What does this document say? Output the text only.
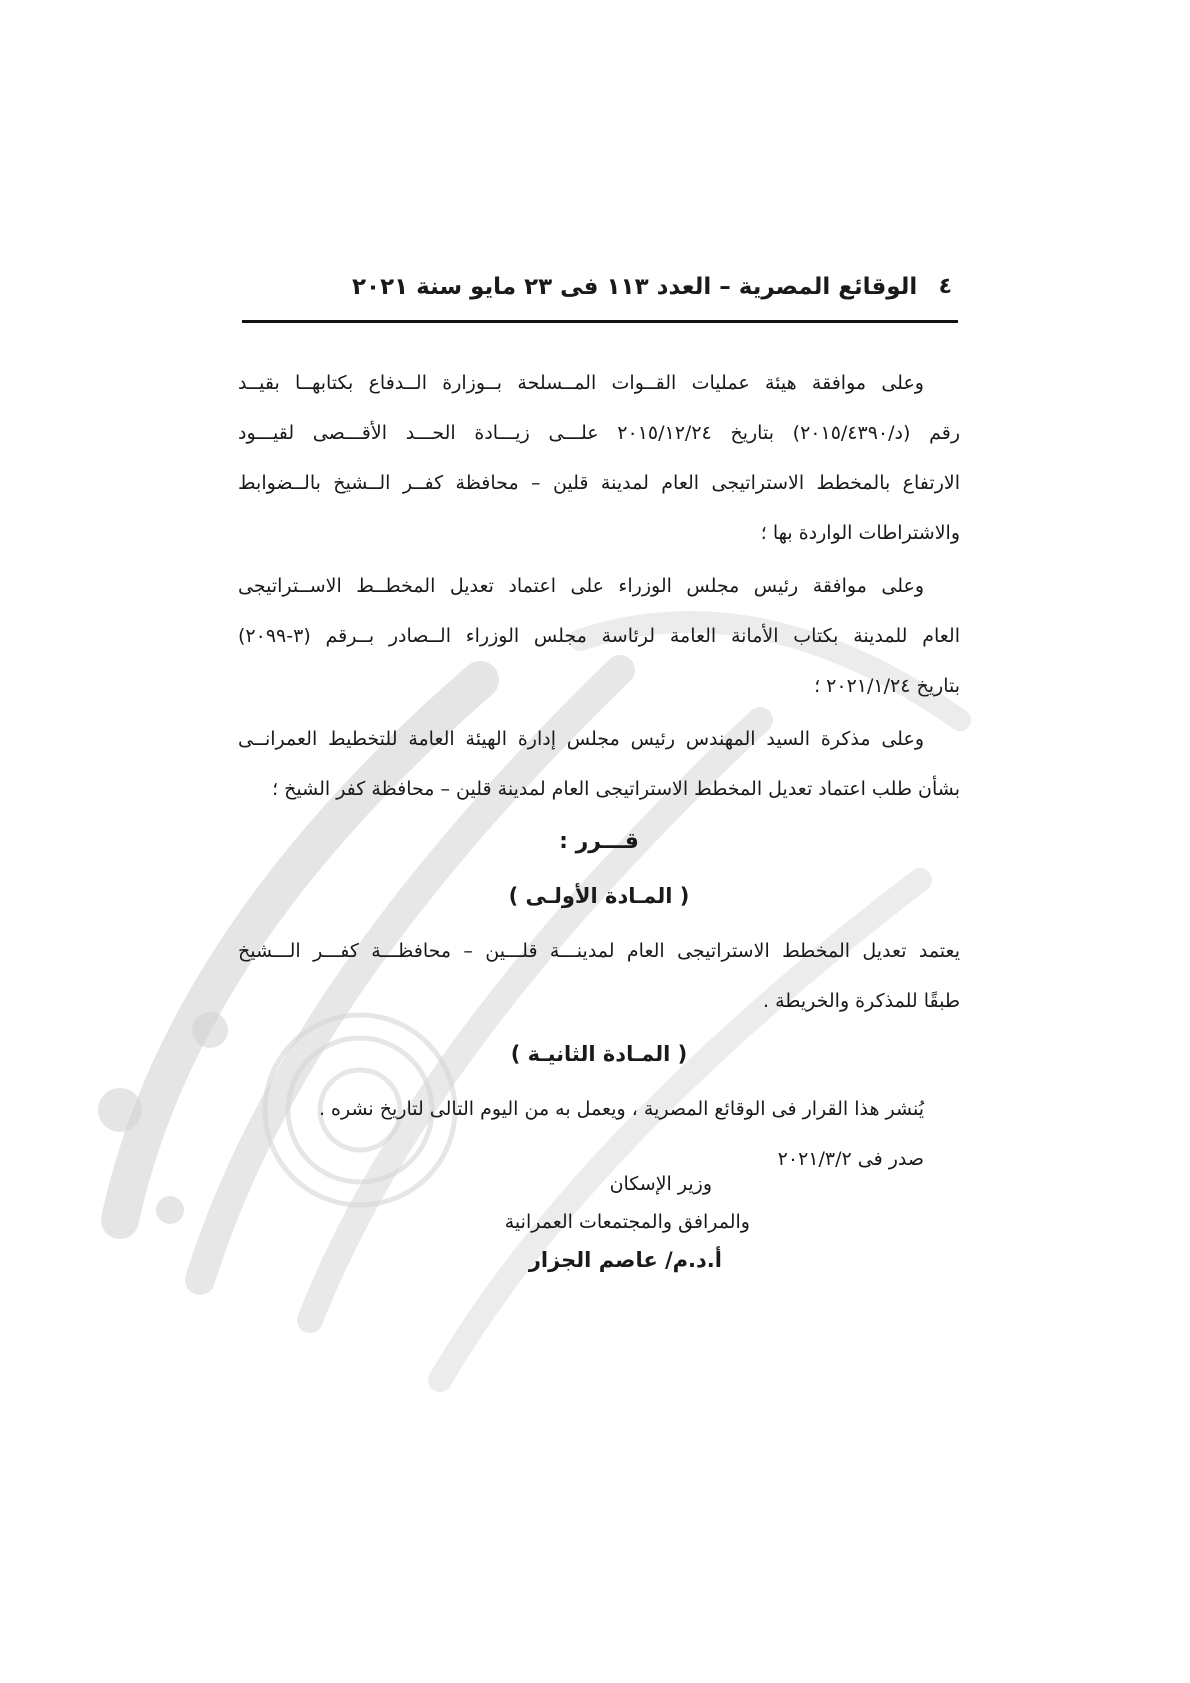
٤
الوقائع المصرية – العدد ١١٣ فى ٢٣ مايو سنة ٢٠٢١
وعلى موافقة هيئة عمليات القــوات المــسلحة بــوزارة الــدفاع بكتابهــا بقيــد
رقم (د/٢٠١٥/٤٣٩٠) بتاريخ ٢٠١٥/١٢/٢٤ علـــى زيـــادة الحـــد الأقـــصى لقيـــود
الارتفاع بالمخطط الاستراتيجى العام لمدينة قلين – محافظة كفــر الــشيخ بالــضوابط
والاشتراطات الواردة بها ؛
وعلى موافقة رئيس مجلس الوزراء على اعتماد تعديل المخطــط الاســتراتيجى
العام للمدينة بكتاب الأمانة العامة لرئاسة مجلس الوزراء الــصادر بــرقم (٣-٢٠٩٩)
بتاريخ ٢٠٢١/١/٢٤ ؛
وعلى مذكرة السيد المهندس رئيس مجلس إدارة الهيئة العامة للتخطيط العمرانــى
بشأن طلب اعتماد تعديل المخطط الاستراتيجى العام لمدينة قلين – محافظة كفر الشيخ ؛
قـــرر :
( المـادة الأولـى )
يعتمد تعديل المخطط الاستراتيجى العام لمدينـــة قلـــين – محافظـــة كفـــر الـــشيخ
طبقًا للمذكرة والخريطة .
( المـادة الثانيـة )
يُنشر هذا القرار فى الوقائع المصرية ، ويعمل به من اليوم التالى لتاريخ نشره .
صدر فى ٢٠٢١/٣/٢
وزير الإسكان
والمرافق والمجتمعات العمرانية
أ.د.م/ عاصم الجزار
